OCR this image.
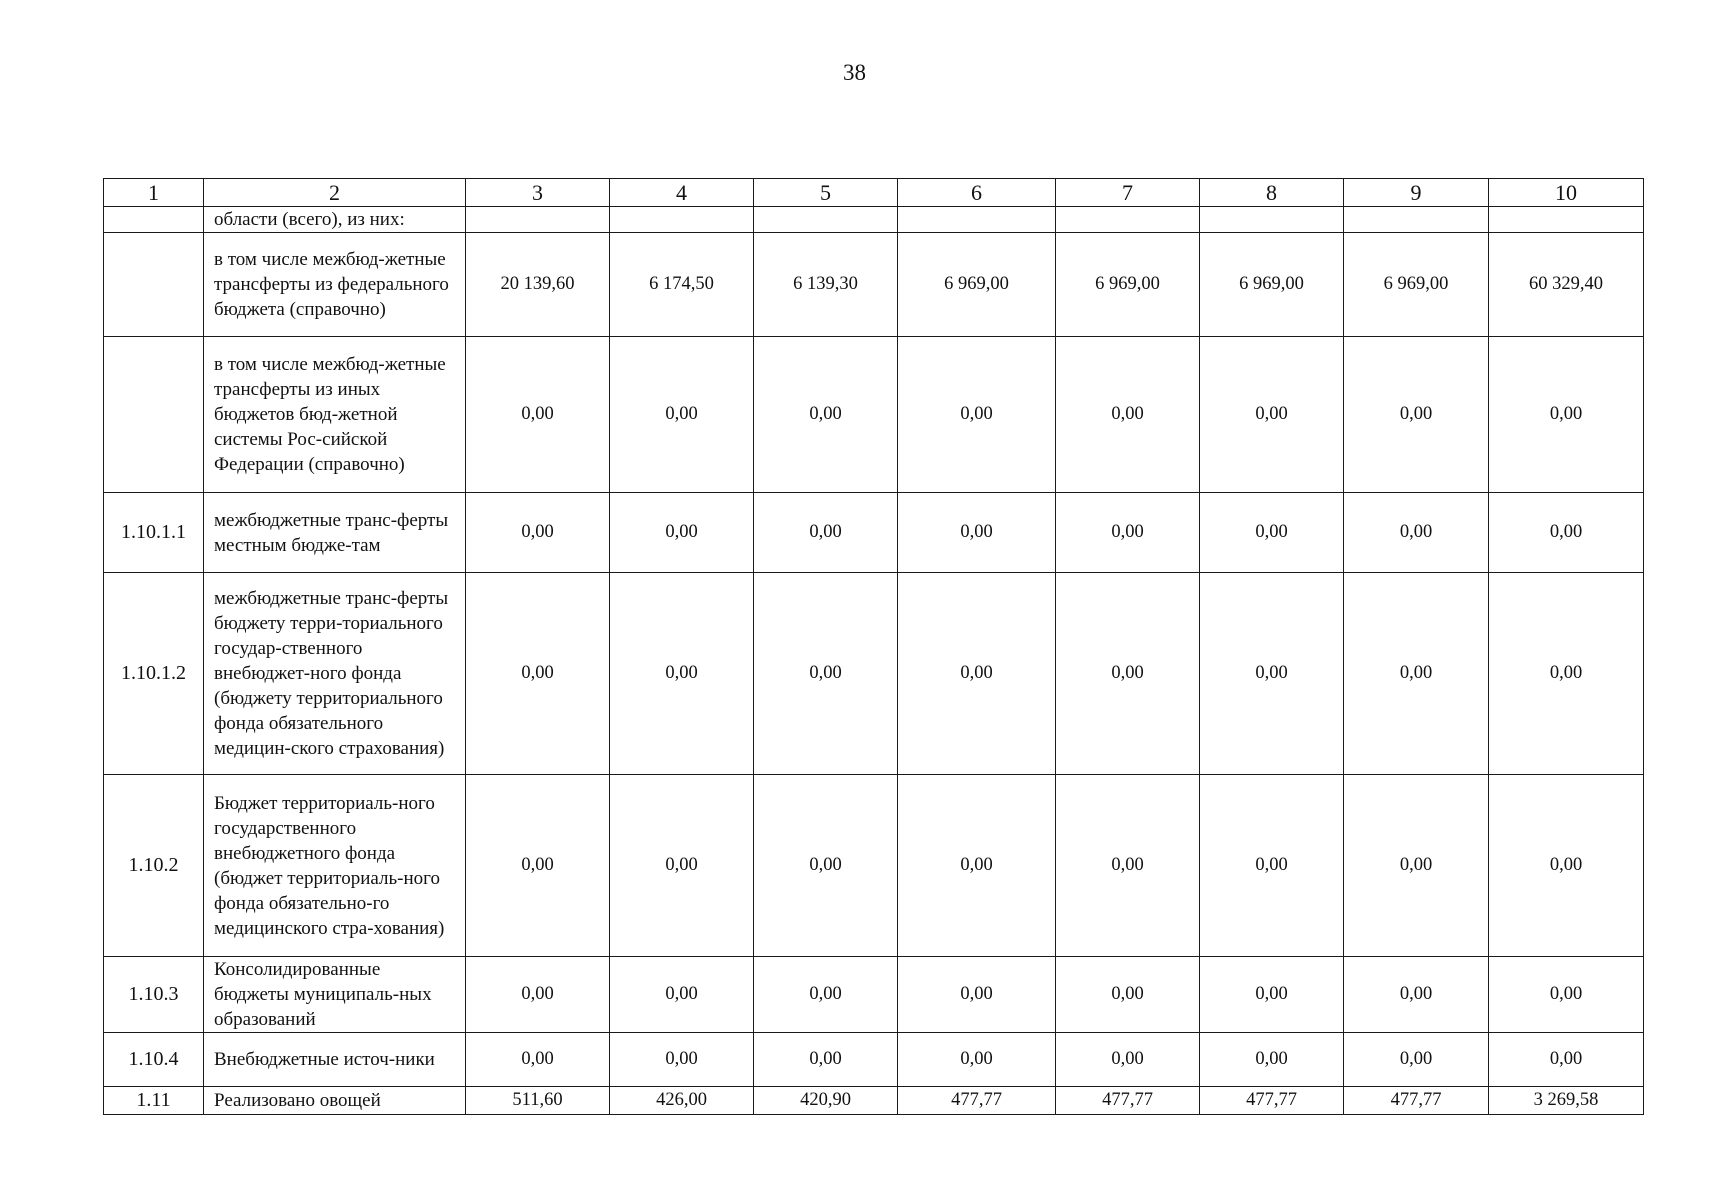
38
1	2	3	4	5	6	7	8	9	10
	области (всего), из них:								
	в том числе межбюд-жетные трансферты из федерального бюджета (справочно)	20 139,60	6 174,50	6 139,30	6 969,00	6 969,00	6 969,00	6 969,00	60 329,40
	в том числе межбюд-жетные трансферты из иных бюджетов бюд-жетной системы Рос-сийской Федерации (справочно)	0,00	0,00	0,00	0,00	0,00	0,00	0,00	0,00
1.10.1.1	межбюджетные транс-ферты местным бюдже-там	0,00	0,00	0,00	0,00	0,00	0,00	0,00	0,00
1.10.1.2	межбюджетные транс-ферты бюджету терри-ториального государ-ственного внебюджет-ного фонда (бюджету территориального фонда обязательного медицин-ского страхования)	0,00	0,00	0,00	0,00	0,00	0,00	0,00	0,00
1.10.2	Бюджет территориаль-ного государственного внебюджетного фонда (бюджет территориаль-ного фонда обязательно-го медицинского стра-хования)	0,00	0,00	0,00	0,00	0,00	0,00	0,00	0,00
1.10.3	Консолидированные бюджеты муниципаль-ных образований	0,00	0,00	0,00	0,00	0,00	0,00	0,00	0,00
1.10.4	Внебюджетные источ-ники	0,00	0,00	0,00	0,00	0,00	0,00	0,00	0,00
1.11	Реализовано овощей	511,60	426,00	420,90	477,77	477,77	477,77	477,77	3 269,58
